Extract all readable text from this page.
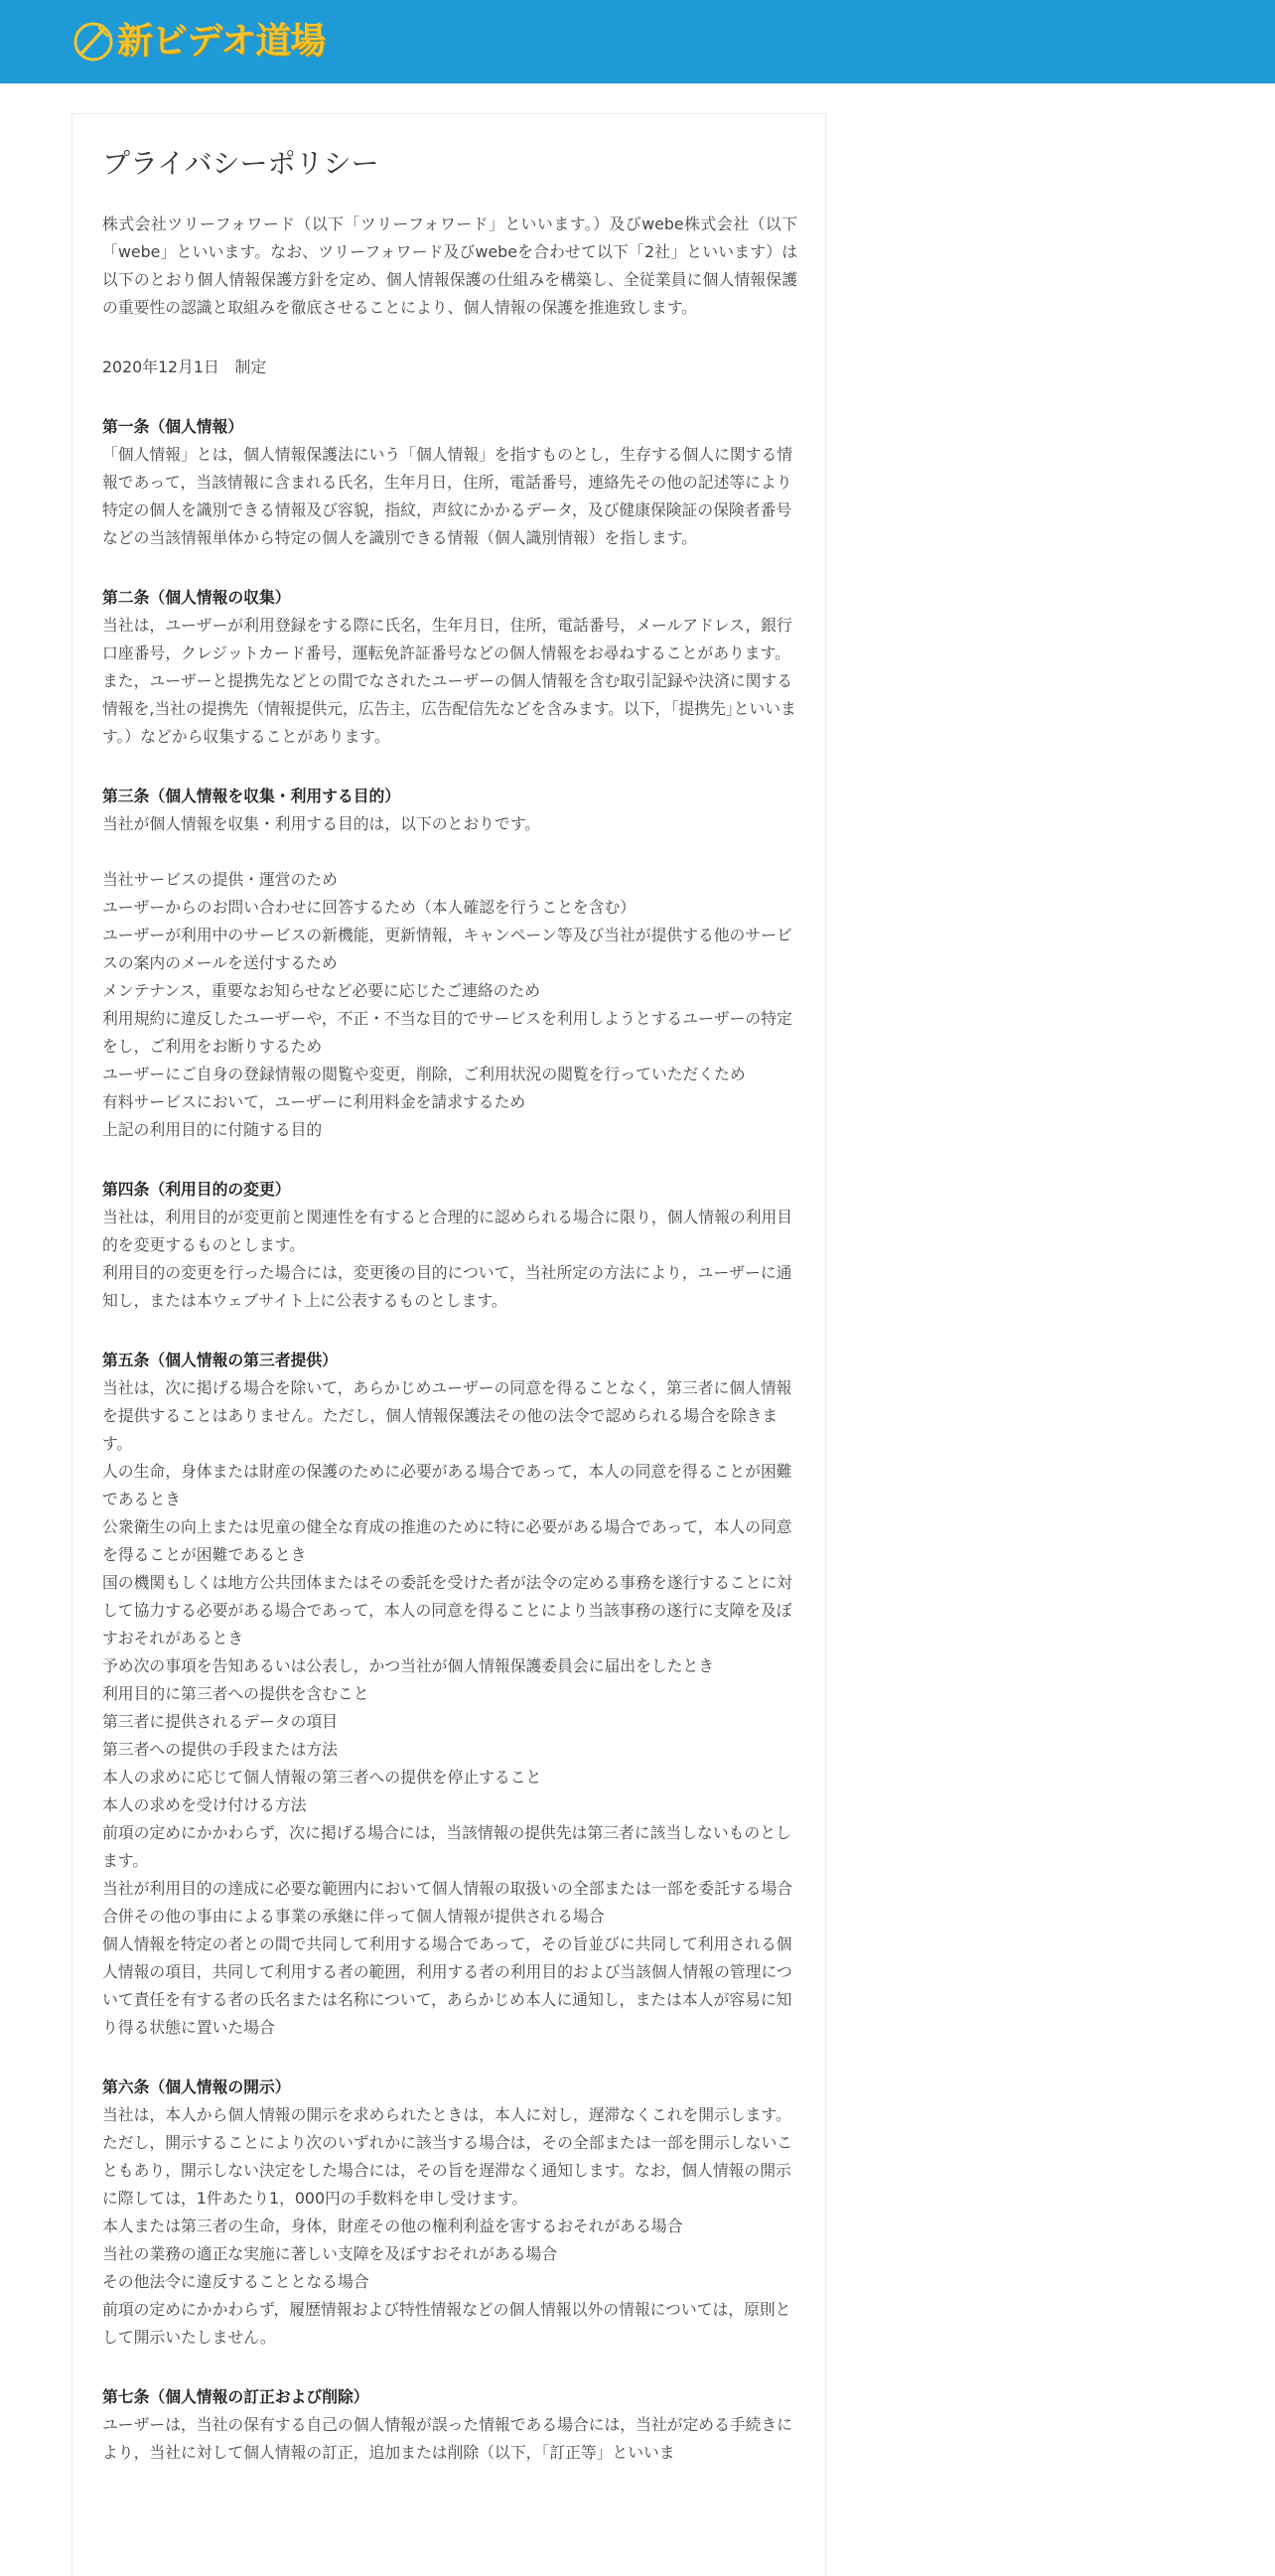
新ビデオ道場
プライバシーポリシー

株式会社ツリーフォワード（以下「ツリーフォワード」といいます。）及びwebe株式会社（以下「webe」といいます。なお、ツリーフォワード及びwebeを合わせて以下「2社」といいます）は以下のとおり個人情報保護方針を定め、個人情報保護の仕組みを構築し、全従業員に個人情報保護の重要性の認識と取組みを徹底させることにより、個人情報の保護を推進致します。

2020年12月1日　制定

第一条（個人情報）

「個人情報」とは，個人情報保護法にいう「個人情報」を指すものとし，生存する個人に関する情報であって，当該情報に含まれる氏名，生年月日，住所，電話番号，連絡先その他の記述等により特定の個人を識別できる情報及び容貌，指紋，声紋にかかるデータ，及び健康保険証の保険者番号などの当該情報単体から特定の個人を識別できる情報（個人識別情報）を指します。

第二条（個人情報の収集）

当社は，ユーザーが利用登録をする際に氏名，生年月日，住所，電話番号，メールアドレス，銀行口座番号，クレジットカード番号，運転免許証番号などの個人情報をお尋ねすることがあります。また，ユーザーと提携先などとの間でなされたユーザーの個人情報を含む取引記録や決済に関する情報を,当社の提携先（情報提供元，広告主，広告配信先などを含みます。以下，｢提携先｣といいます。）などから収集することがあります。

第三条（個人情報を収集・利用する目的）

当社が個人情報を収集・利用する目的は，以下のとおりです。

当社サービスの提供・運営のため

ユーザーからのお問い合わせに回答するため（本人確認を行うことを含む）

ユーザーが利用中のサービスの新機能，更新情報，キャンペーン等及び当社が提供する他のサービスの案内のメールを送付するため

メンテナンス，重要なお知らせなど必要に応じたご連絡のため

利用規約に違反したユーザーや，不正・不当な目的でサービスを利用しようとするユーザーの特定をし，ご利用をお断りするため

ユーザーにご自身の登録情報の閲覧や変更，削除，ご利用状況の閲覧を行っていただくため

有料サービスにおいて，ユーザーに利用料金を請求するため

上記の利用目的に付随する目的

第四条（利用目的の変更）

当社は，利用目的が変更前と関連性を有すると合理的に認められる場合に限り，個人情報の利用目的を変更するものとします。

利用目的の変更を行った場合には，変更後の目的について，当社所定の方法により，ユーザーに通知し，または本ウェブサイト上に公表するものとします。

第五条（個人情報の第三者提供）

当社は，次に掲げる場合を除いて，あらかじめユーザーの同意を得ることなく，第三者に個人情報を提供することはありません。ただし，個人情報保護法その他の法令で認められる場合を除きます。

人の生命，身体または財産の保護のために必要がある場合であって，本人の同意を得ることが困難であるとき

公衆衛生の向上または児童の健全な育成の推進のために特に必要がある場合であって，本人の同意を得ることが困難であるとき

国の機関もしくは地方公共団体またはその委託を受けた者が法令の定める事務を遂行することに対して協力する必要がある場合であって，本人の同意を得ることにより当該事務の遂行に支障を及ぼすおそれがあるとき

予め次の事項を告知あるいは公表し，かつ当社が個人情報保護委員会に届出をしたとき

利用目的に第三者への提供を含むこと

第三者に提供されるデータの項目

第三者への提供の手段または方法

本人の求めに応じて個人情報の第三者への提供を停止すること

本人の求めを受け付ける方法

前項の定めにかかわらず，次に掲げる場合には，当該情報の提供先は第三者に該当しないものとします。

当社が利用目的の達成に必要な範囲内において個人情報の取扱いの全部または一部を委託する場合

合併その他の事由による事業の承継に伴って個人情報が提供される場合

個人情報を特定の者との間で共同して利用する場合であって，その旨並びに共同して利用される個人情報の項目，共同して利用する者の範囲，利用する者の利用目的および当該個人情報の管理について責任を有する者の氏名または名称について，あらかじめ本人に通知し，または本人が容易に知り得る状態に置いた場合

第六条（個人情報の開示）

当社は，本人から個人情報の開示を求められたときは，本人に対し，遅滞なくこれを開示します。ただし，開示することにより次のいずれかに該当する場合は，その全部または一部を開示しないこともあり，開示しない決定をした場合には，その旨を遅滞なく通知します。なお，個人情報の開示に際しては，1件あたり1，000円の手数料を申し受けます。

本人または第三者の生命，身体，財産その他の権利利益を害するおそれがある場合

当社の業務の適正な実施に著しい支障を及ぼすおそれがある場合

その他法令に違反することとなる場合

前項の定めにかかわらず，履歴情報および特性情報などの個人情報以外の情報については，原則として開示いたしません。

第七条（個人情報の訂正および削除）

ユーザーは，当社の保有する自己の個人情報が誤った情報である場合には，当社が定める手続きにより，当社に対して個人情報の訂正，追加または削除（以下，「訂正等」といいま
